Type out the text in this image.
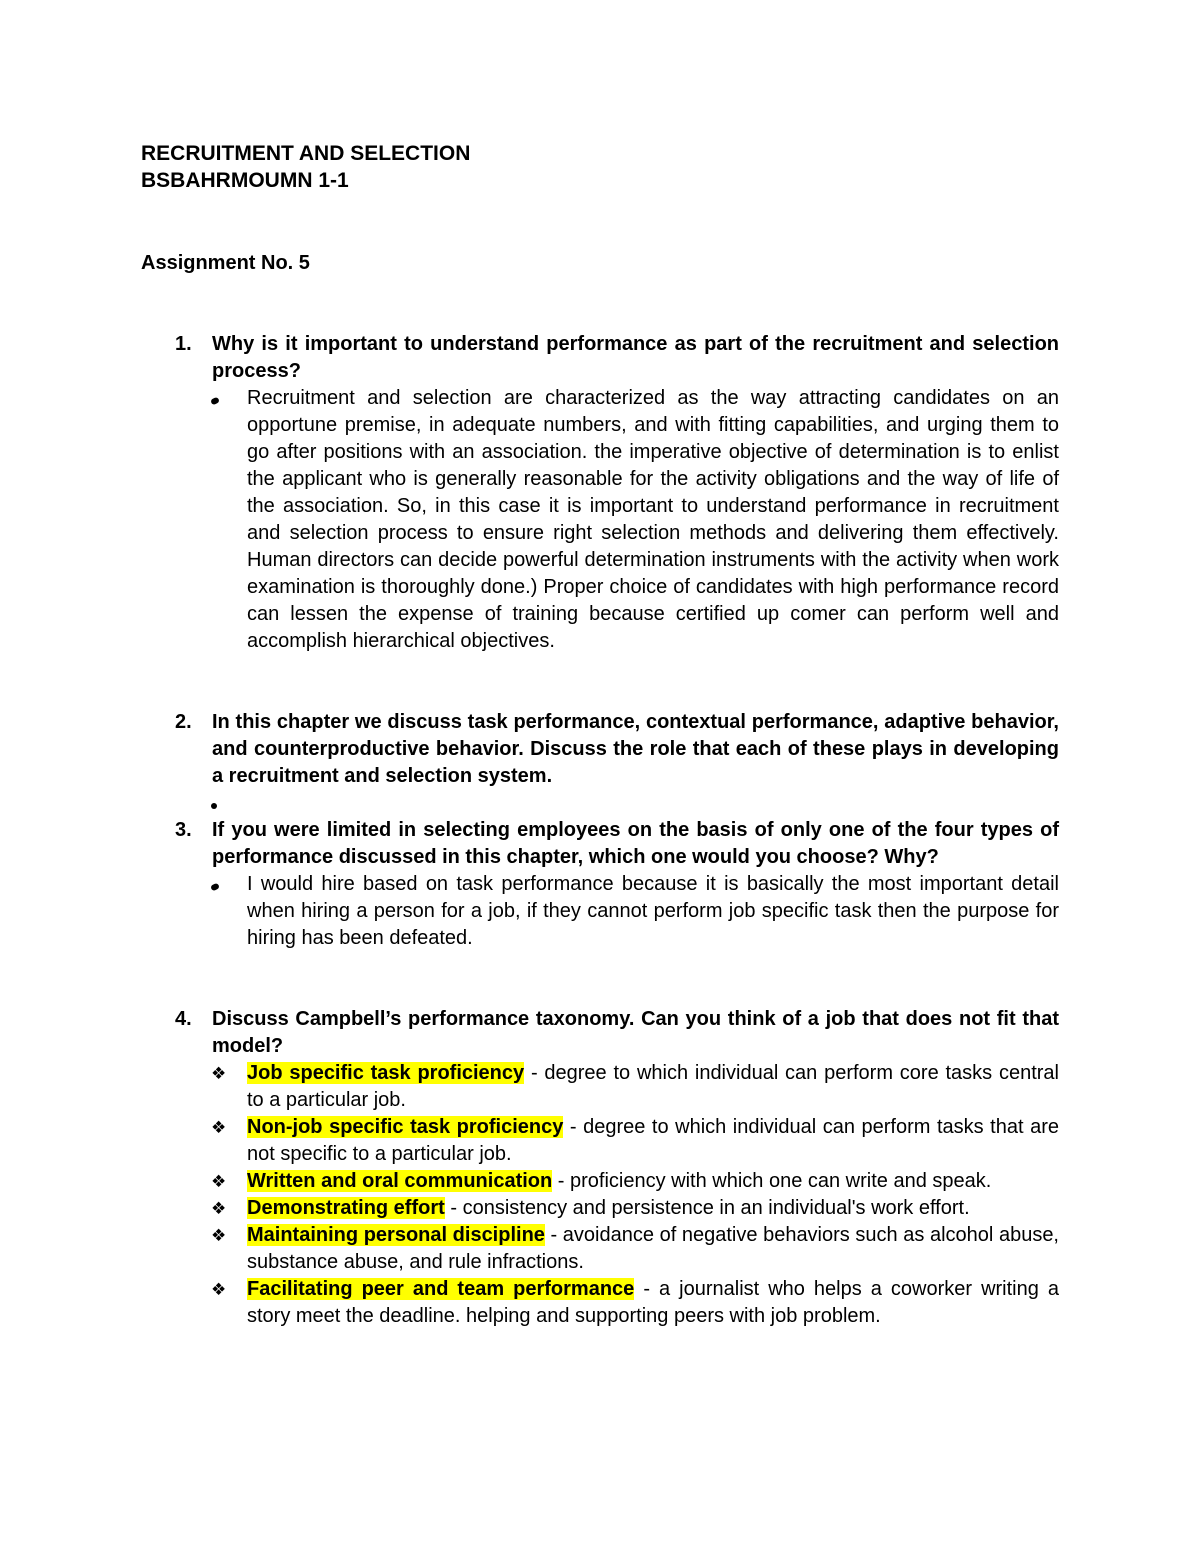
RECRUITMENT AND SELECTION
BSBAHRMOUMN 1-1
Assignment No. 5
1. Why is it important to understand performance as part of the recruitment and selection process?
Recruitment and selection are characterized as the way attracting candidates on an opportune premise, in adequate numbers, and with fitting capabilities, and urging them to go after positions with an association. the imperative objective of determination is to enlist the applicant who is generally reasonable for the activity obligations and the way of life of the association. So, in this case it is important to understand performance in recruitment and selection process to ensure right selection methods and delivering them effectively. Human directors can decide powerful determination instruments with the activity when work examination is thoroughly done.) Proper choice of candidates with high performance record can lessen the expense of training because certified up comer can perform well and accomplish hierarchical objectives.
2. In this chapter we discuss task performance, contextual performance, adaptive behavior, and counterproductive behavior. Discuss the role that each of these plays in developing a recruitment and selection system.
3. If you were limited in selecting employees on the basis of only one of the four types of performance discussed in this chapter, which one would you choose? Why?
I would hire based on task performance because it is basically the most important detail when hiring a person for a job, if they cannot perform job specific task then the purpose for hiring has been defeated.
4. Discuss Campbell’s performance taxonomy. Can you think of a job that does not fit that model?
❖ Job specific task proficiency - degree to which individual can perform core tasks central to a particular job.
❖ Non-job specific task proficiency - degree to which individual can perform tasks that are not specific to a particular job.
❖ Written and oral communication - proficiency with which one can write and speak.
❖ Demonstrating effort - consistency and persistence in an individual's work effort.
❖ Maintaining personal discipline - avoidance of negative behaviors such as alcohol abuse, substance abuse, and rule infractions.
❖ Facilitating peer and team performance - a journalist who helps a coworker writing a story meet the deadline. helping and supporting peers with job problem.
